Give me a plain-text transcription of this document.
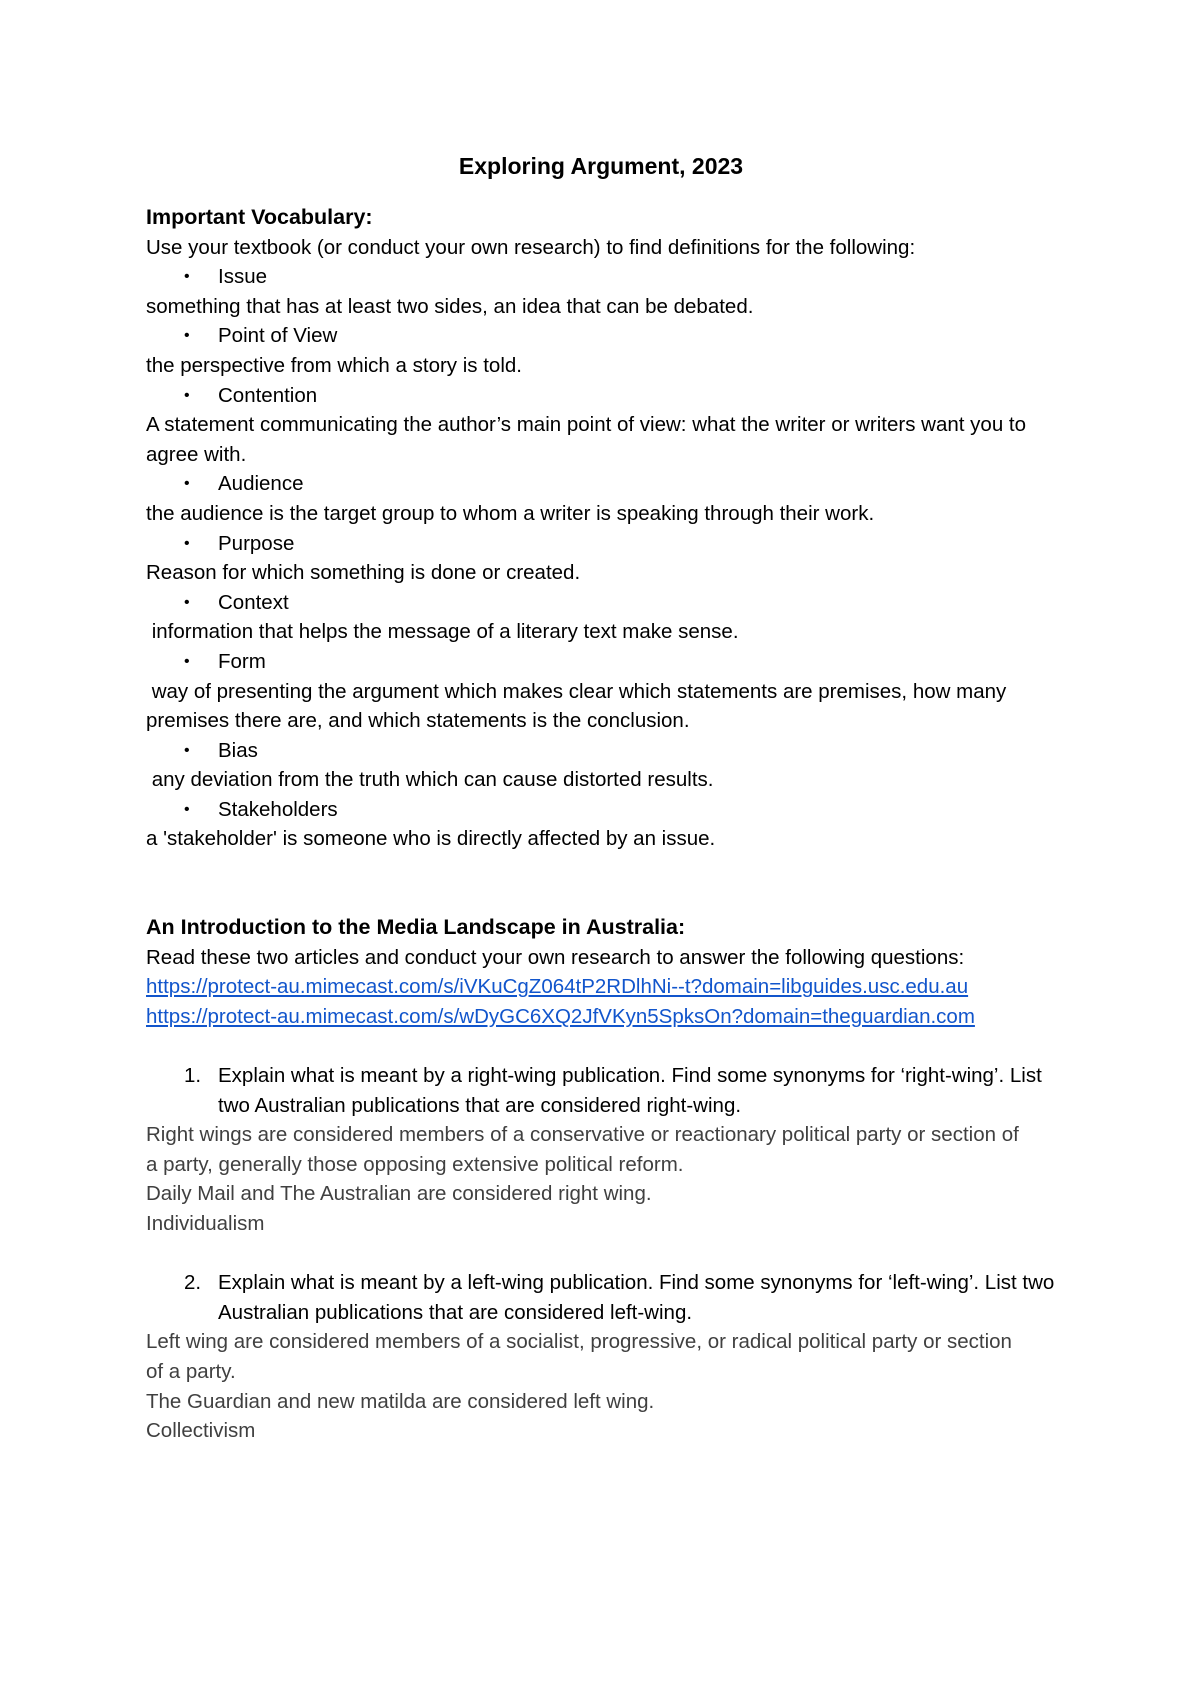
Exploring Argument, 2023
Important Vocabulary:
Use your textbook (or conduct your own research) to find definitions for the following:
• Issue
something that has at least two sides, an idea that can be debated.
• Point of View
the perspective from which a story is told.
• Contention
A statement communicating the author’s main point of view: what the writer or writers want you to agree with.
• Audience
the audience is the target group to whom a writer is speaking through their work.
• Purpose
Reason for which something is done or created.
• Context
information that helps the message of a literary text make sense.
• Form
way of presenting the argument which makes clear which statements are premises, how many premises there are, and which statements is the conclusion.
• Bias
any deviation from the truth which can cause distorted results.
• Stakeholders
a 'stakeholder' is someone who is directly affected by an issue.
An Introduction to the Media Landscape in Australia:
Read these two articles and conduct your own research to answer the following questions:
https://protect-au.mimecast.com/s/iVKuCgZ064tP2RDlhNi--t?domain=libguides.usc.edu.au
https://protect-au.mimecast.com/s/wDyGC6XQ2JfVKyn5SpksOn?domain=theguardian.com
1. Explain what is meant by a right-wing publication. Find some synonyms for ‘right-wing’. List two Australian publications that are considered right-wing.
Right wings are considered members of a conservative or reactionary political party or section of a party, generally those opposing extensive political reform.
Daily Mail and The Australian are considered right wing.
Individualism
2. Explain what is meant by a left-wing publication. Find some synonyms for ‘left-wing’. List two Australian publications that are considered left-wing.
Left wing are considered members of a socialist, progressive, or radical political party or section of a party.
The Guardian and new matilda are considered left wing.
Collectivism
